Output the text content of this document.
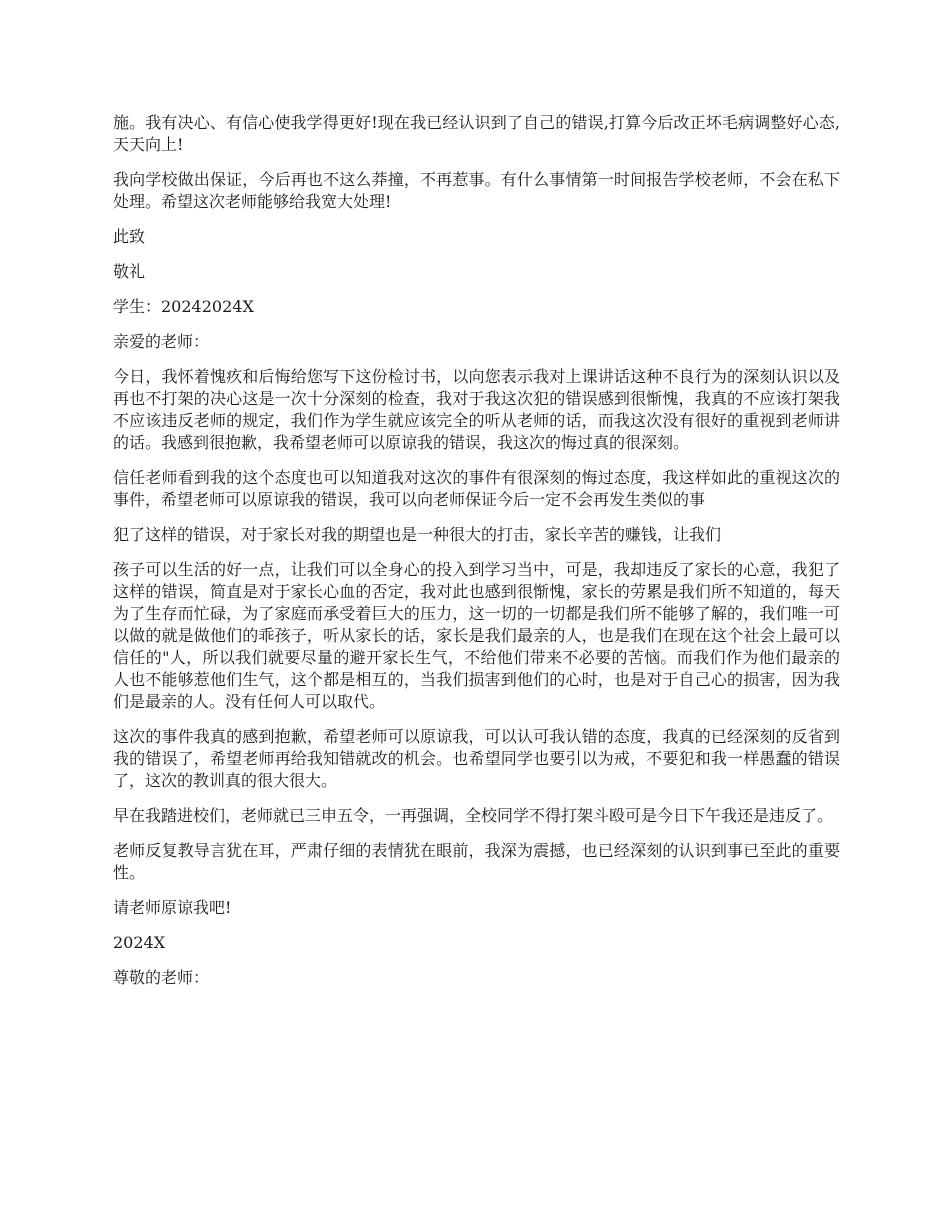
施。我有决心、有信心使我学得更好!现在我已经认识到了自己的错误,打算今后改正坏毛病调整好心态,天天向上!

我向学校做出保证，今后再也不这么莽撞，不再惹事。有什么事情第一时间报告学校老师，不会在私下处理。希望这次老师能够给我宽大处理!

此致

敬礼

学生：20242024X

亲爱的老师：

今日，我怀着愧疚和后悔给您写下这份检讨书，以向您表示我对上课讲话这种不良行为的深刻认识以及再也不打架的决心这是一次十分深刻的检查，我对于我这次犯的错误感到很惭愧，我真的不应该打架我不应该违反老师的规定，我们作为学生就应该完全的听从老师的话，而我这次没有很好的重视到老师讲的话。我感到很抱歉，我希望老师可以原谅我的错误，我这次的悔过真的很深刻。

信任老师看到我的这个态度也可以知道我对这次的事件有很深刻的悔过态度，我这样如此的重视这次的事件，希望老师可以原谅我的错误，我可以向老师保证今后一定不会再发生类似的事

犯了这样的错误，对于家长对我的期望也是一种很大的打击，家长辛苦的赚钱，让我们

孩子可以生活的好一点，让我们可以全身心的投入到学习当中，可是，我却违反了家长的心意，我犯了这样的错误，简直是对于家长心血的否定，我对此也感到很惭愧，家长的劳累是我们所不知道的，每天为了生存而忙碌，为了家庭而承受着巨大的压力，这一切的一切都是我们所不能够了解的，我们唯一可以做的就是做他们的乖孩子，听从家长的话，家长是我们最亲的人，也是我们在现在这个社会上最可以信任的"人，所以我们就要尽量的避开家长生气，不给他们带来不必要的苦恼。而我们作为他们最亲的人也不能够惹他们生气，这个都是相互的，当我们损害到他们的心时，也是对于自己心的损害，因为我们是最亲的人。没有任何人可以取代。

这次的事件我真的感到抱歉，希望老师可以原谅我，可以认可我认错的态度，我真的已经深刻的反省到我的错误了，希望老师再给我知错就改的机会。也希望同学也要引以为戒，不要犯和我一样愚蠢的错误了，这次的教训真的很大很大。

早在我踏进校们，老师就已三申五令，一再强调，全校同学不得打架斗殴可是今日下午我还是违反了。

老师反复教导言犹在耳，严肃仔细的表情犹在眼前，我深为震撼，也已经深刻的认识到事已至此的重要性。

请老师原谅我吧!

2024X

尊敬的老师：
